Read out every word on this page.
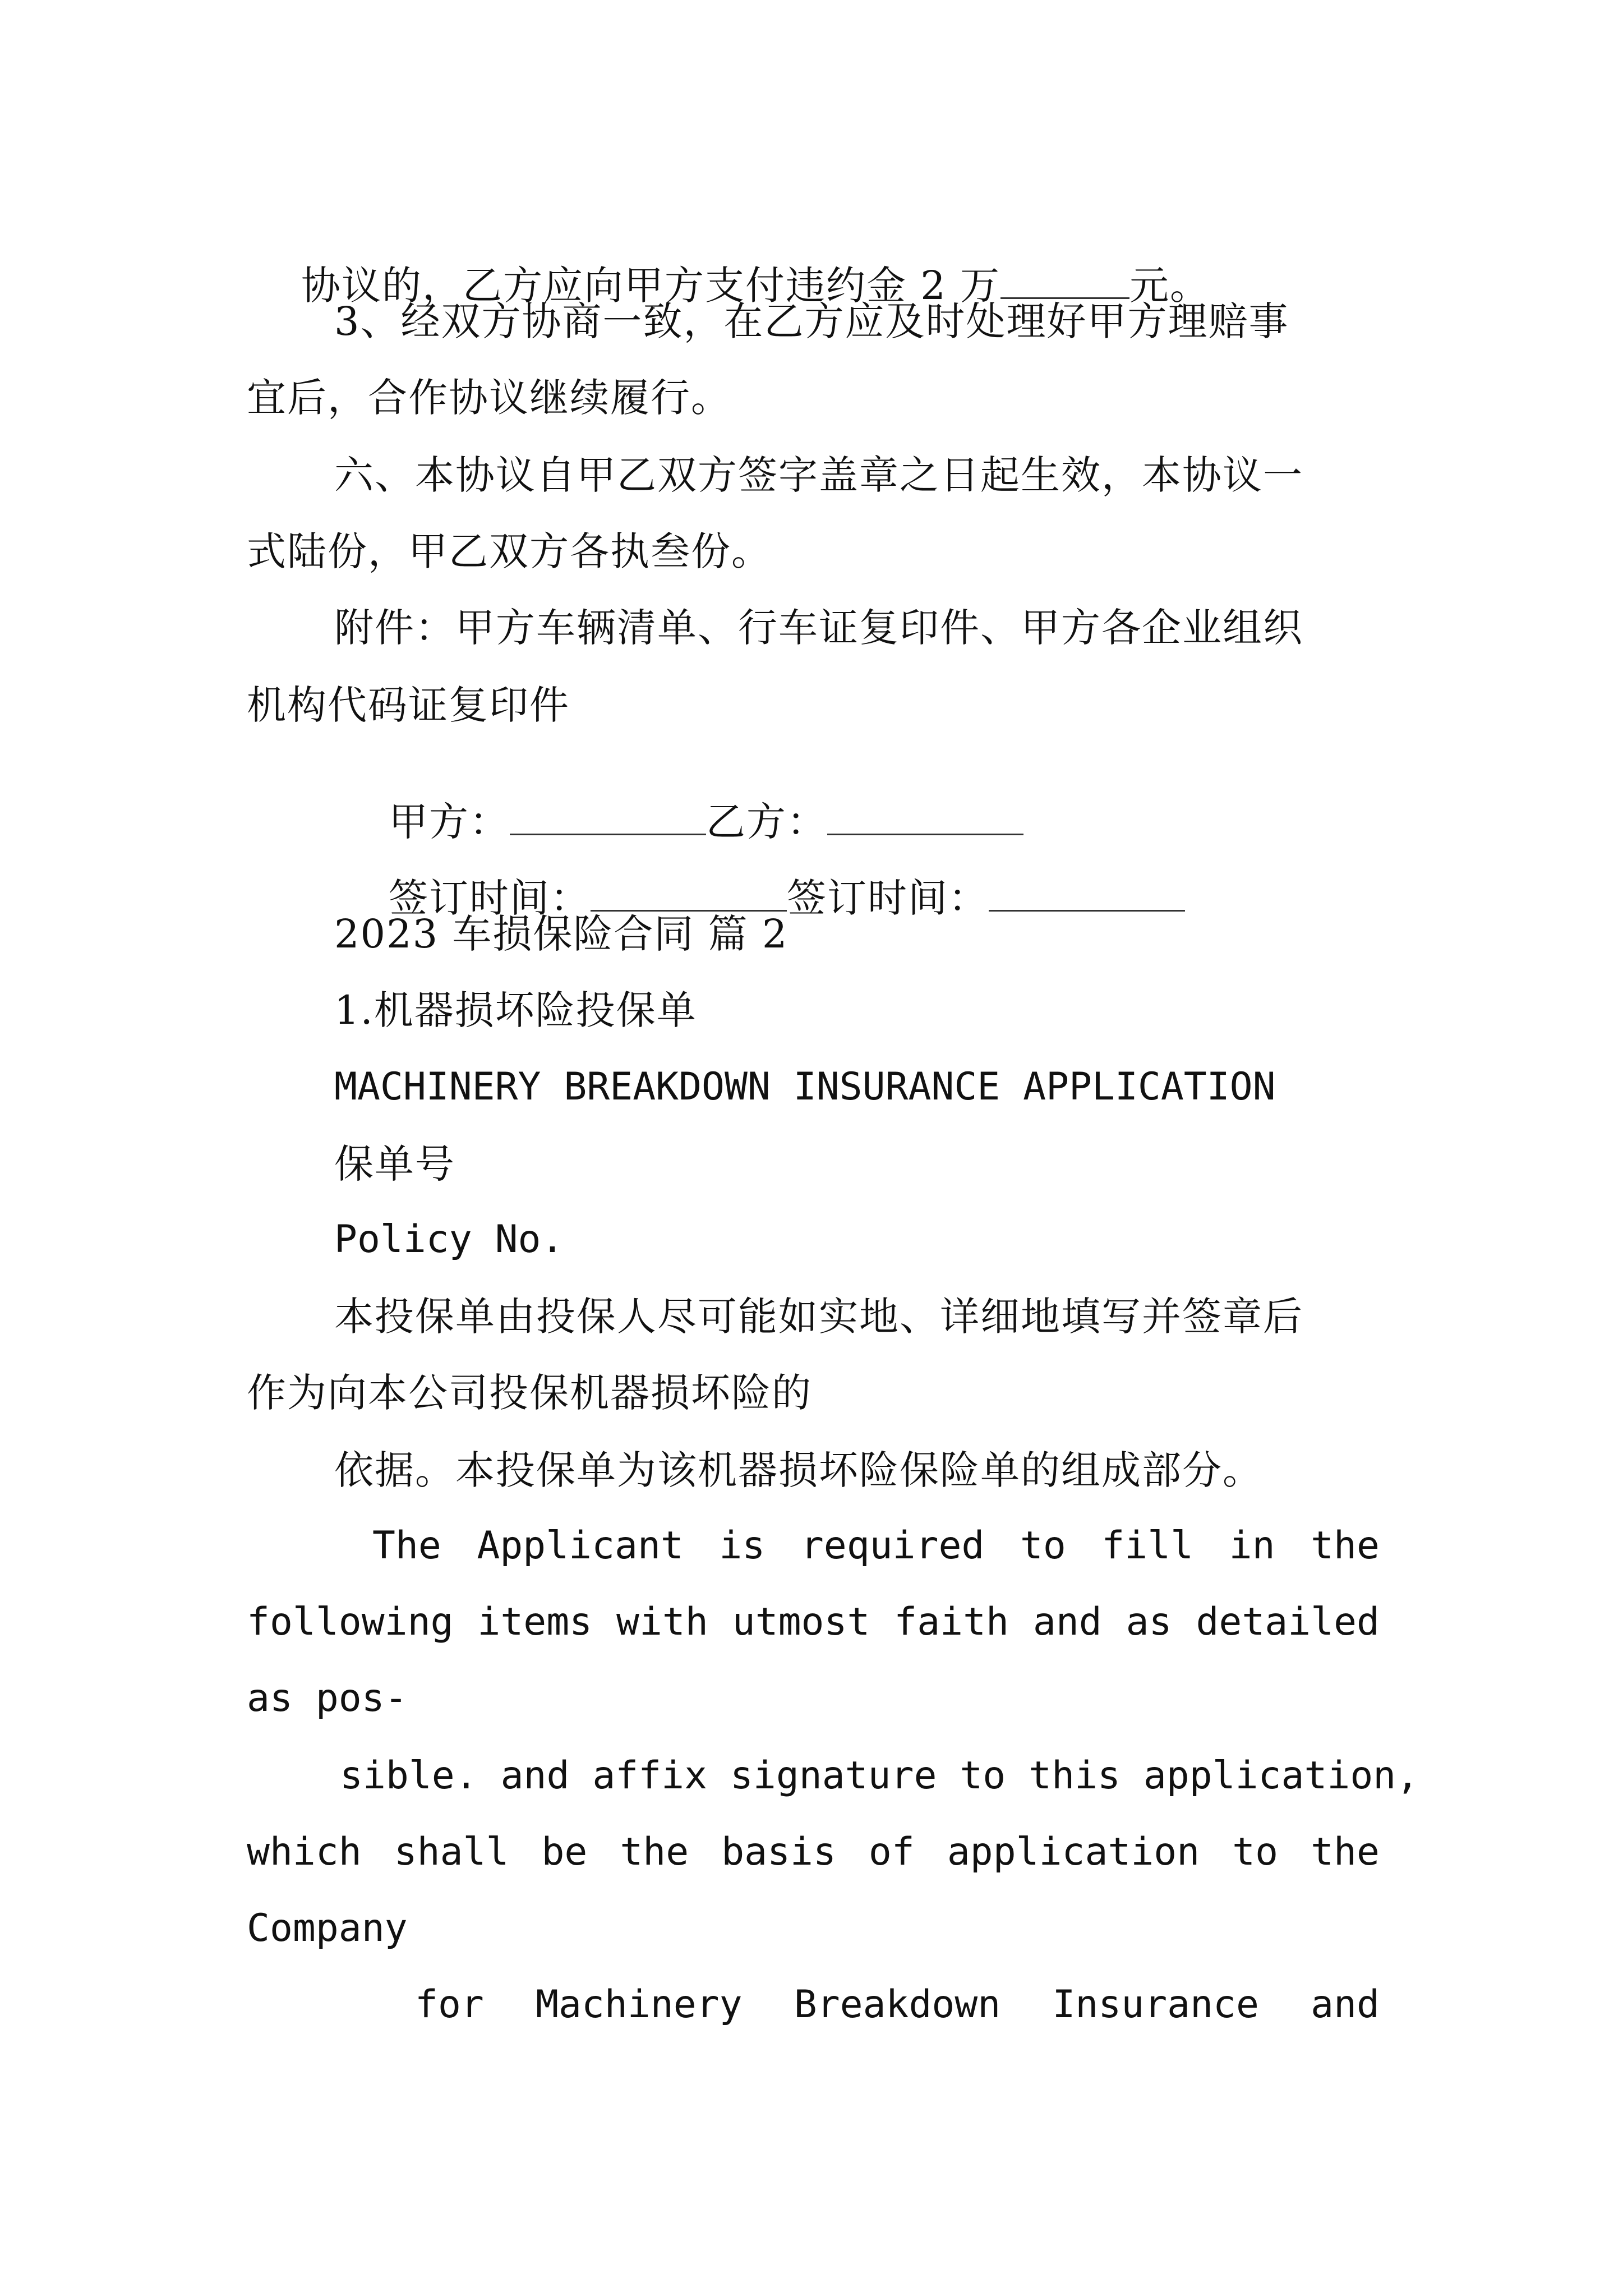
协议的，乙方应向甲方支付违约金 2 万	元。

3、经双方协商一致，在乙方应及时处理好甲方理赔事
宜后，合作协议继续履行。
六、本协议自甲乙双方签字盖章之日起生效，本协议一
式陆份，甲乙双方各执叁份。
附件：甲方车辆清单、行车证复印件、甲方各企业组织
机构代码证复印件

甲方：	乙方：

签订时间：	签订时间：

2023 车损保险合同 篇 2
1.机器损坏险投保单
MACHINERY BREAKDOWN INSURANCE APPLICATION
保单号
Policy No.
本投保单由投保人尽可能如实地、详细地填写并签章后
作为向本公司投保机器损坏险的
依据。本投保单为该机器损坏险保险单的组成部分。
The Applicant is required to fill in the
following items with utmost faith and as detailed
as pos-
sible. and affix signature to this application,
which shall be the basis of application to the
Company
for Machinery Breakdown Insurance and
